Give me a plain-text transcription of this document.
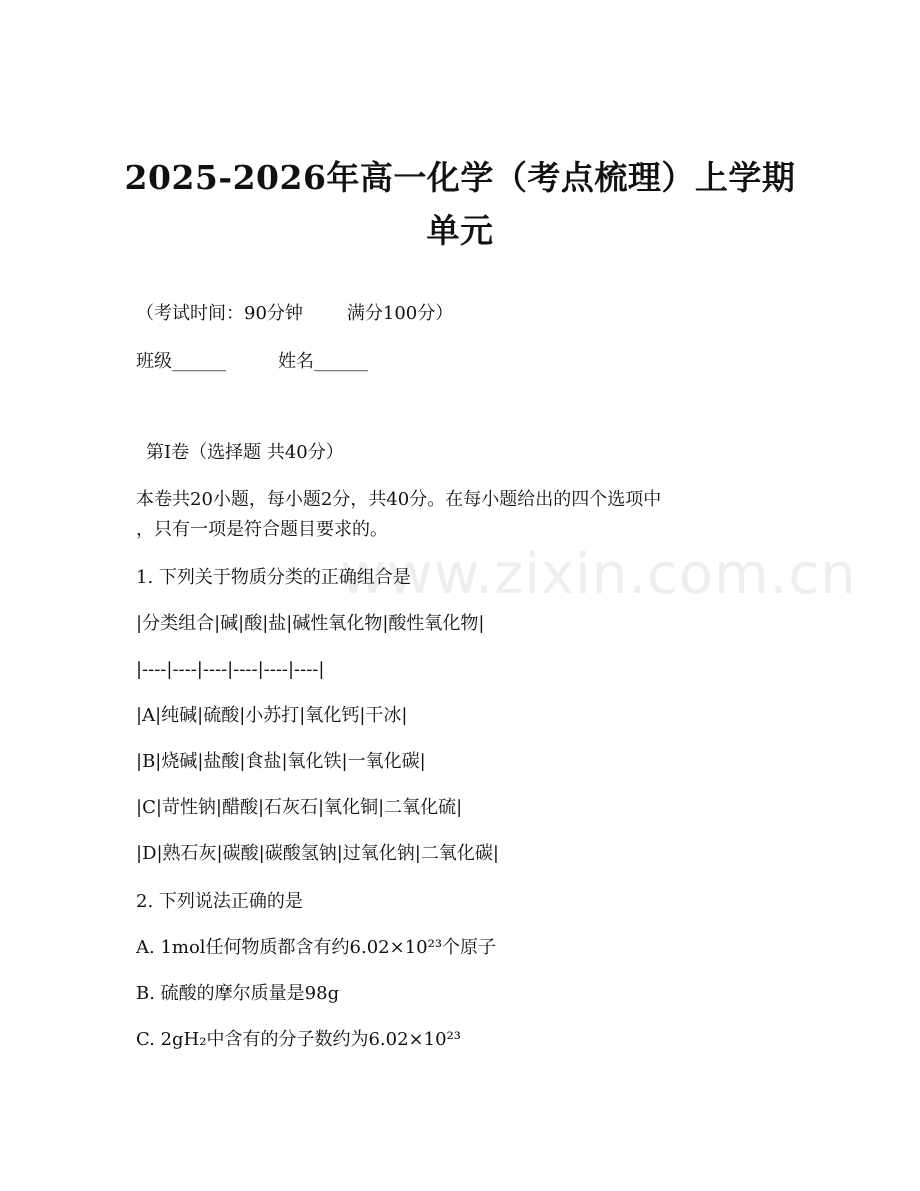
www.zixin.com.cn
2025-2026年高一化学（考点梳理）上学期
单元
（考试时间：90分钟 满分100分）
班级______	姓名______
第Ⅰ卷（选择题 共40分）
本卷共20小题，每小题2分，共40分。在每小题给出的四个选项中
，只有一项是符合题目要求的。
1. 下列关于物质分类的正确组合是
|分类组合|碱|酸|盐|碱性氧化物|酸性氧化物|
|----|----|----|----|----|----|
|A|纯碱|硫酸|小苏打|氧化钙|干冰|
|B|烧碱|盐酸|食盐|氧化铁|一氧化碳|
|C|苛性钠|醋酸|石灰石|氧化铜|二氧化硫|
|D|熟石灰|碳酸|碳酸氢钠|过氧化钠|二氧化碳|
2. 下列说法正确的是
A. 1mol任何物质都含有约6.02×10²³个原子
B. 硫酸的摩尔质量是98g
C. 2gH₂中含有的分子数约为6.02×10²³
